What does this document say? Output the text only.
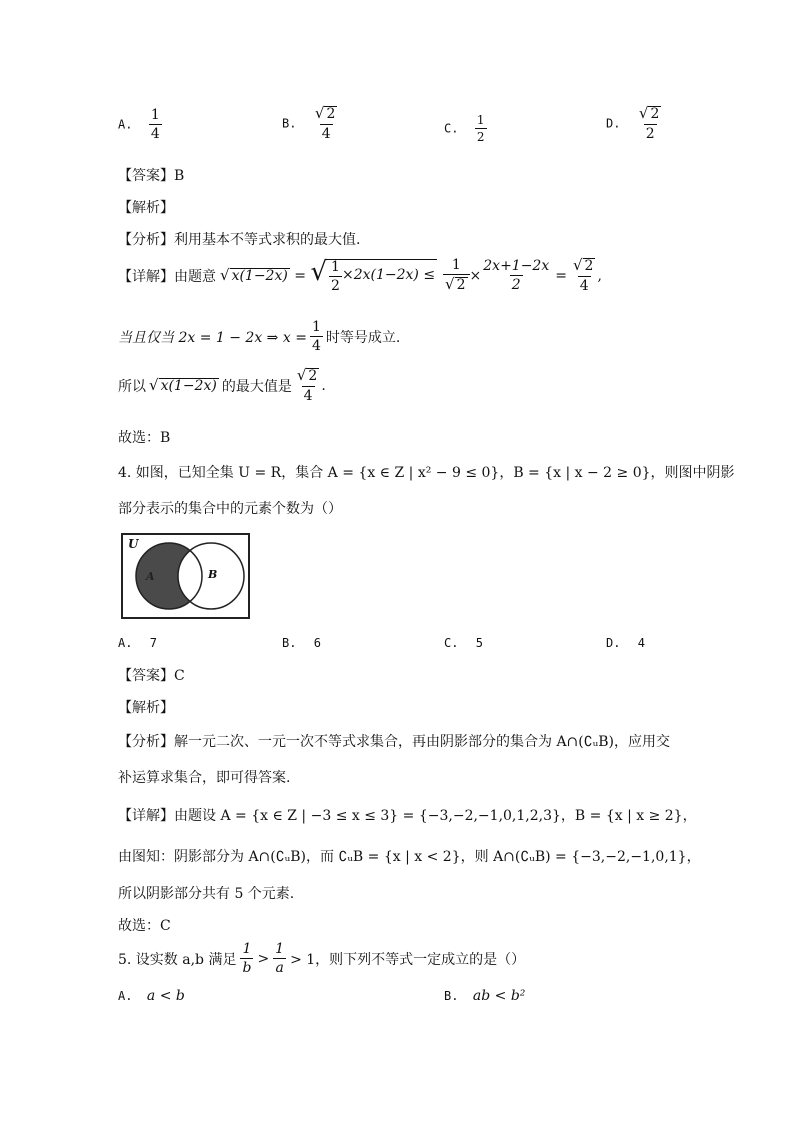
A. $\frac{1}{4}$	B. $\frac{√ 2}{4}$	C. $\frac{1}{2}$	D. $\frac{√ 2}{2}$
【答案】B
【解析】
【分析】利用基本不等式求积的最大值.
【详解】由题意 √ x(1−2x) = √ $\frac{1}{2} \times 2x(1-2x) \le \frac{1}{√ 2} \times \frac{2x+1-2x}{2} = \frac{√ 2}{4}$ ,
当且仅当 2x = 1 − 2x ⇒ $x = \frac{1}{4}$ 时等号成立.
所以 √ x(1−2x) 的最大值是 $\frac{√ 2}{4}$ .
故选：B
4. 如图，已知全集 U = R，集合 A = {x ∈ Z | x² − 9 ≤ 0}，B = {x | x − 2 ≥ 0}，则图中阴影
部分表示的集合中的元素个数为（）
U
A	B
A. 7	B. 6	C. 5	D. 4
【答案】C
【解析】
【分析】解一元二次、一元一次不等式求集合，再由阴影部分的集合为 A∩(∁ᵤB)，应用交
补运算求集合，即可得答案.
【详解】由题设 A = {x ∈ Z | −3 ≤ x ≤ 3} = {−3,−2,−1,0,1,2,3}，B = {x | x ≥ 2}，
由图知：阴影部分为 A∩(∁ᵤB)，而 ∁ᵤB = {x | x < 2}，则 A∩(∁ᵤB) = {−3,−2,−1,0,1}，
所以阴影部分共有 5 个元素.
故选：C
5. 设实数 a,b 满足 $\frac{1}{b} > \frac{1}{a} > 1$，则下列不等式一定成立的是（）
A. a < b	B. ab < b²
